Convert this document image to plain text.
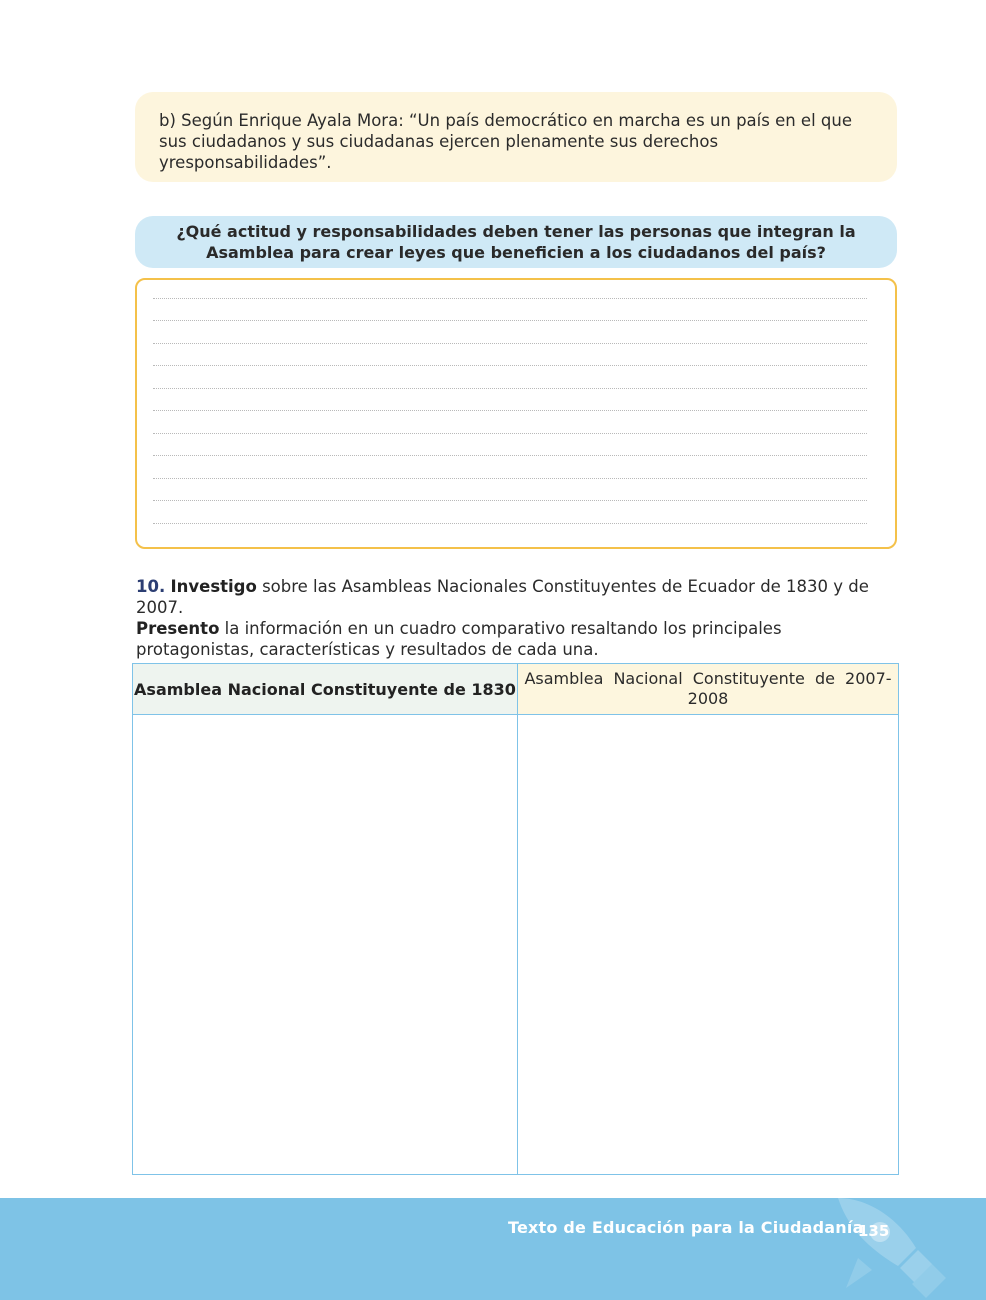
b) Según Enrique Ayala Mora: “Un país democrático en marcha es un país en el que sus ciudadanos y sus ciudadanas ejercen plenamente sus derechos yresponsabilidades”.
¿Qué actitud y responsabilidades deben tener las personas que integran la Asamblea para crear leyes que beneficien a los ciudadanos del país?
10. Investigo sobre las Asambleas Nacionales Constituyentes de Ecuador de 1830 y de 2007.
Presento la información en un cuadro comparativo resaltando los principales protagonistas, características y resultados de cada una.
Asamblea Nacional Constituyente de 1830
Asamblea Nacional Constituyente de 2007-2008
Texto de Educación para la Ciudadanía
135
